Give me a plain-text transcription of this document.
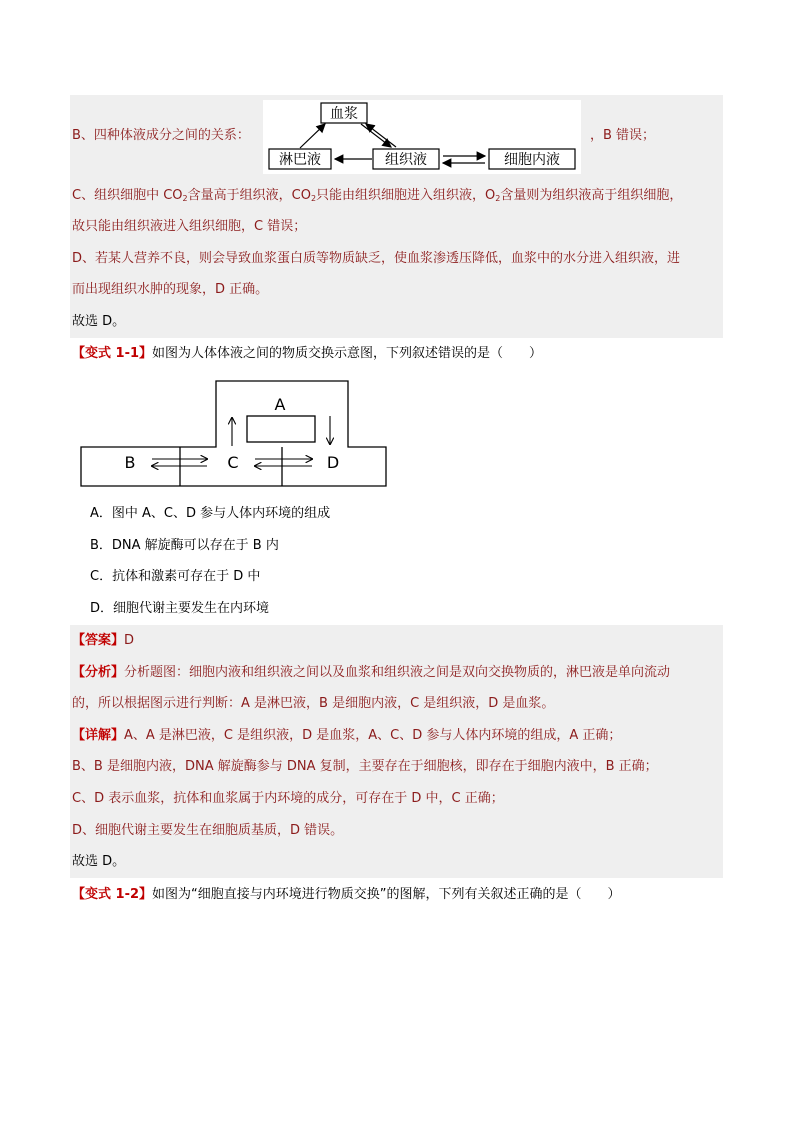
B、四种体液成分之间的关系：
血浆
淋巴液	组织液	细胞内液
，B 错误；
C、组织细胞中 $CO_2$含量高于组织液，$CO_2$只能由组织细胞进入组织液，$O_2$含量则为组织液高于组织细胞，
故只能由组织液进入组织细胞，C 错误；
D、若某人营养不良，则会导致血浆蛋白质等物质缺乏，使血浆渗透压降低，血浆中的水分进入组织液，进
而出现组织水肿的现象，D 正确。
故选 D。
【变式 1-1】如图为人体体液之间的物质交换示意图，下列叙述错误的是（　　）
A
B	C	D
A．图中 A、C、D 参与人体内环境的组成
B．DNA 解旋酶可以存在于 B 内
C．抗体和激素可存在于 D 中
D．细胞代谢主要发生在内环境
【答案】D
【分析】分析题图：细胞内液和组织液之间以及血浆和组织液之间是双向交换物质的，淋巴液是单向流动
的，所以根据图示进行判断：A 是淋巴液，B 是细胞内液，C 是组织液，D 是血浆。
【详解】A、A 是淋巴液，C 是组织液，D 是血浆，A、C、D 参与人体内环境的组成，A 正确；
B、B 是细胞内液，DNA 解旋酶参与 DNA 复制，主要存在于细胞核，即存在于细胞内液中，B 正确；
C、D 表示血浆，抗体和血浆属于内环境的成分，可存在于 D 中，C 正确；
D、细胞代谢主要发生在细胞质基质，D 错误。
故选 D。
【变式 1-2】如图为“细胞直接与内环境进行物质交换”的图解，下列有关叙述正确的是（　　）
